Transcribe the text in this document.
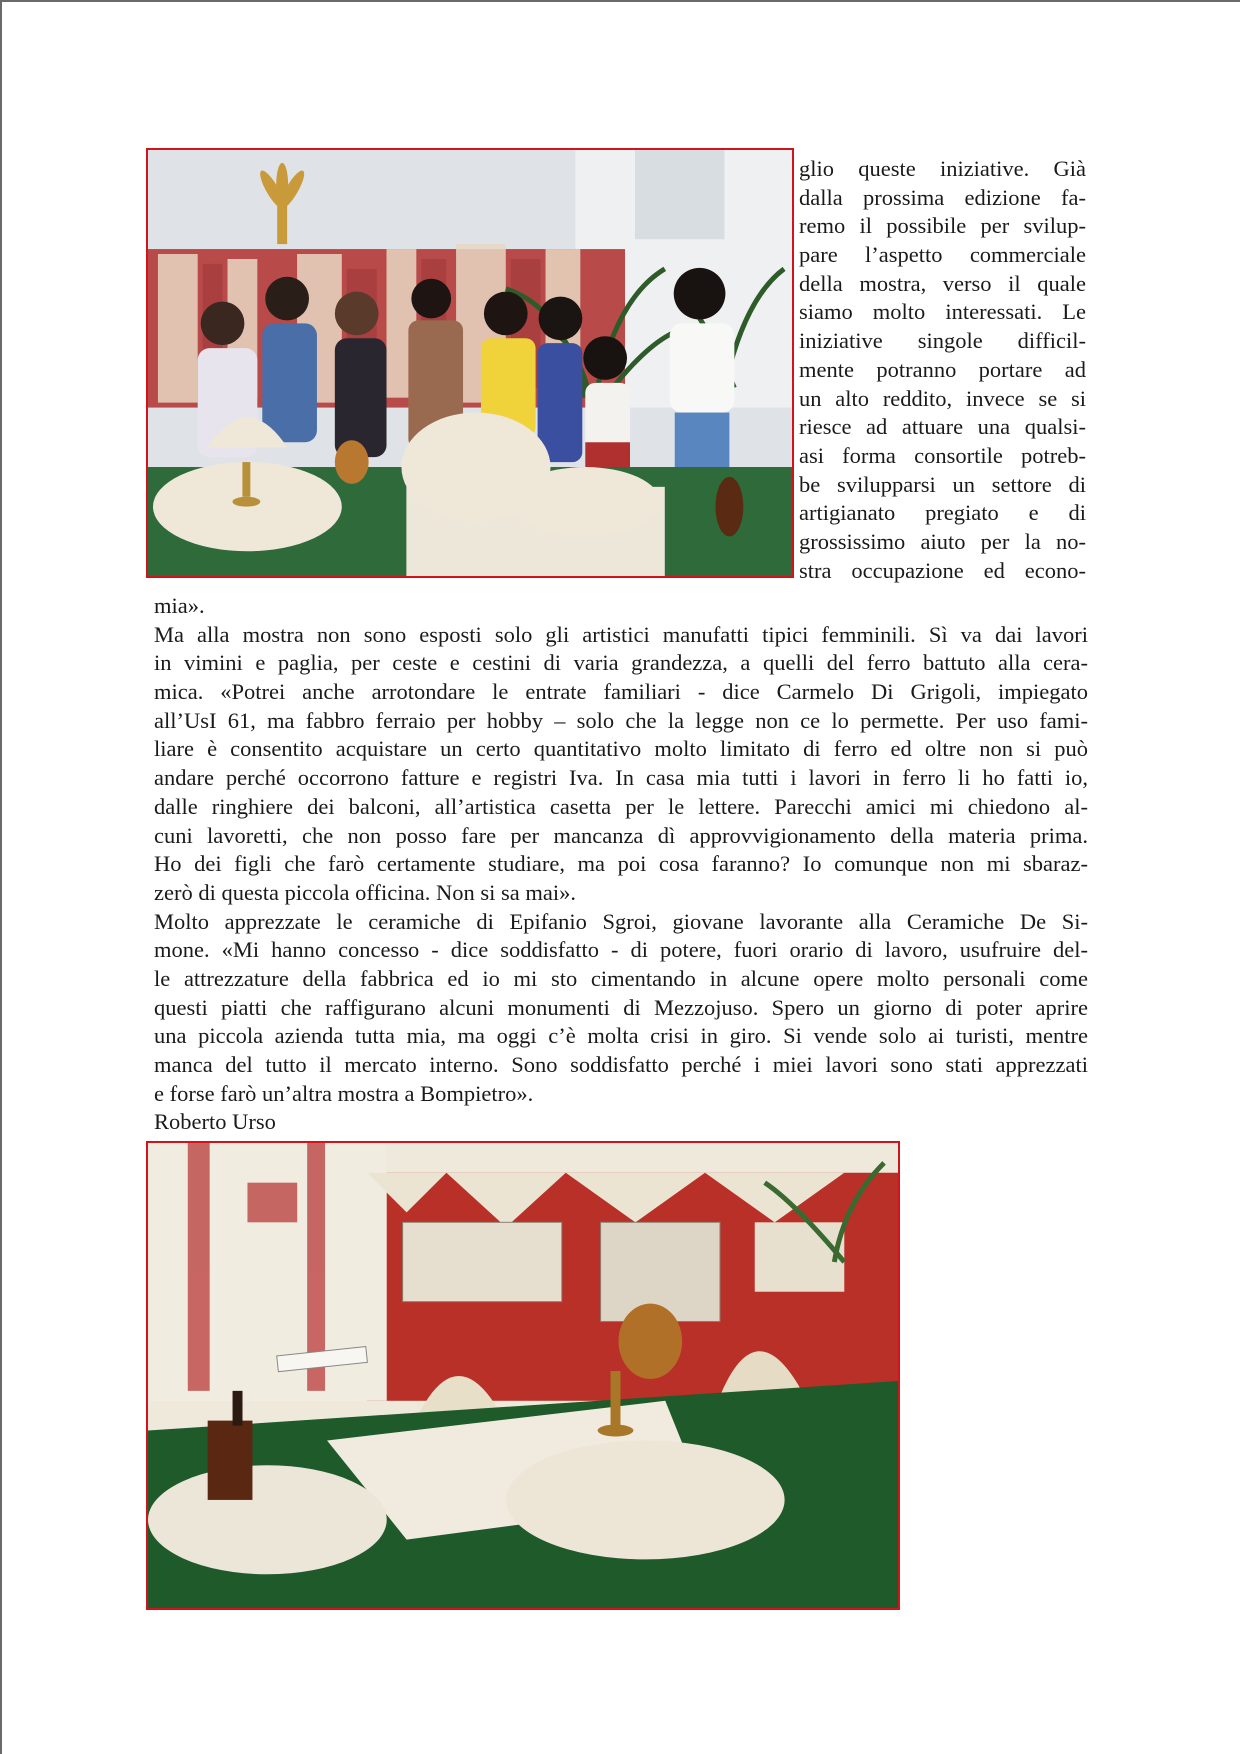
glio queste iniziative. Già
dalla prossima edizione fa-
remo il possibile per svilup-
pare l’aspetto commerciale
della mostra, verso il quale
siamo molto interessati. Le
iniziative singole difficil-
mente potranno portare ad
un alto reddito, invece se si
riesce ad attuare una qualsi-
asi forma consortile potreb-
be svilupparsi un settore di
artigianato pregiato e di
grossissimo aiuto per la no-
stra occupazione ed econo-
mia».
Ma alla mostra non sono esposti solo gli artistici manufatti tipici femminili. Sì va dai lavori
in vimini e paglia, per ceste e cestini di varia grandezza, a quelli del ferro battuto alla cera-
mica. «Potrei anche arrotondare le entrate familiari - dice Carmelo Di Grigoli, impiegato
all’UsI 61, ma fabbro ferraio per hobby – solo che la legge non ce lo permette. Per uso fami-
liare è consentito acquistare un certo quantitativo molto limitato di ferro ed oltre non si può
andare perché occorrono fatture e registri Iva. In casa mia tutti i lavori in ferro li ho fatti io,
dalle ringhiere dei balconi, all’artistica casetta per le lettere. Parecchi amici mi chiedono al-
cuni lavoretti, che non posso fare per mancanza dì approvvigionamento della materia prima.
Ho dei figli che farò certamente studiare, ma poi cosa faranno? Io comunque non mi sbaraz-
zerò di questa piccola officina. Non si sa mai».
Molto apprezzate le ceramiche di Epifanio Sgroi, giovane lavorante alla Ceramiche De Si-
mone. «Mi hanno concesso - dice soddisfatto - di potere, fuori orario di lavoro, usufruire del-
le attrezzature della fabbrica ed io mi sto cimentando in alcune opere molto personali come
questi piatti che raffigurano alcuni monumenti di Mezzojuso. Spero un giorno di poter aprire
una piccola azienda tutta mia, ma oggi c’è molta crisi in giro. Si vende solo ai turisti, mentre
manca del tutto il mercato interno. Sono soddisfatto perché i miei lavori sono stati apprezzati
e forse farò un’altra mostra a Bompietro».
Roberto Urso
